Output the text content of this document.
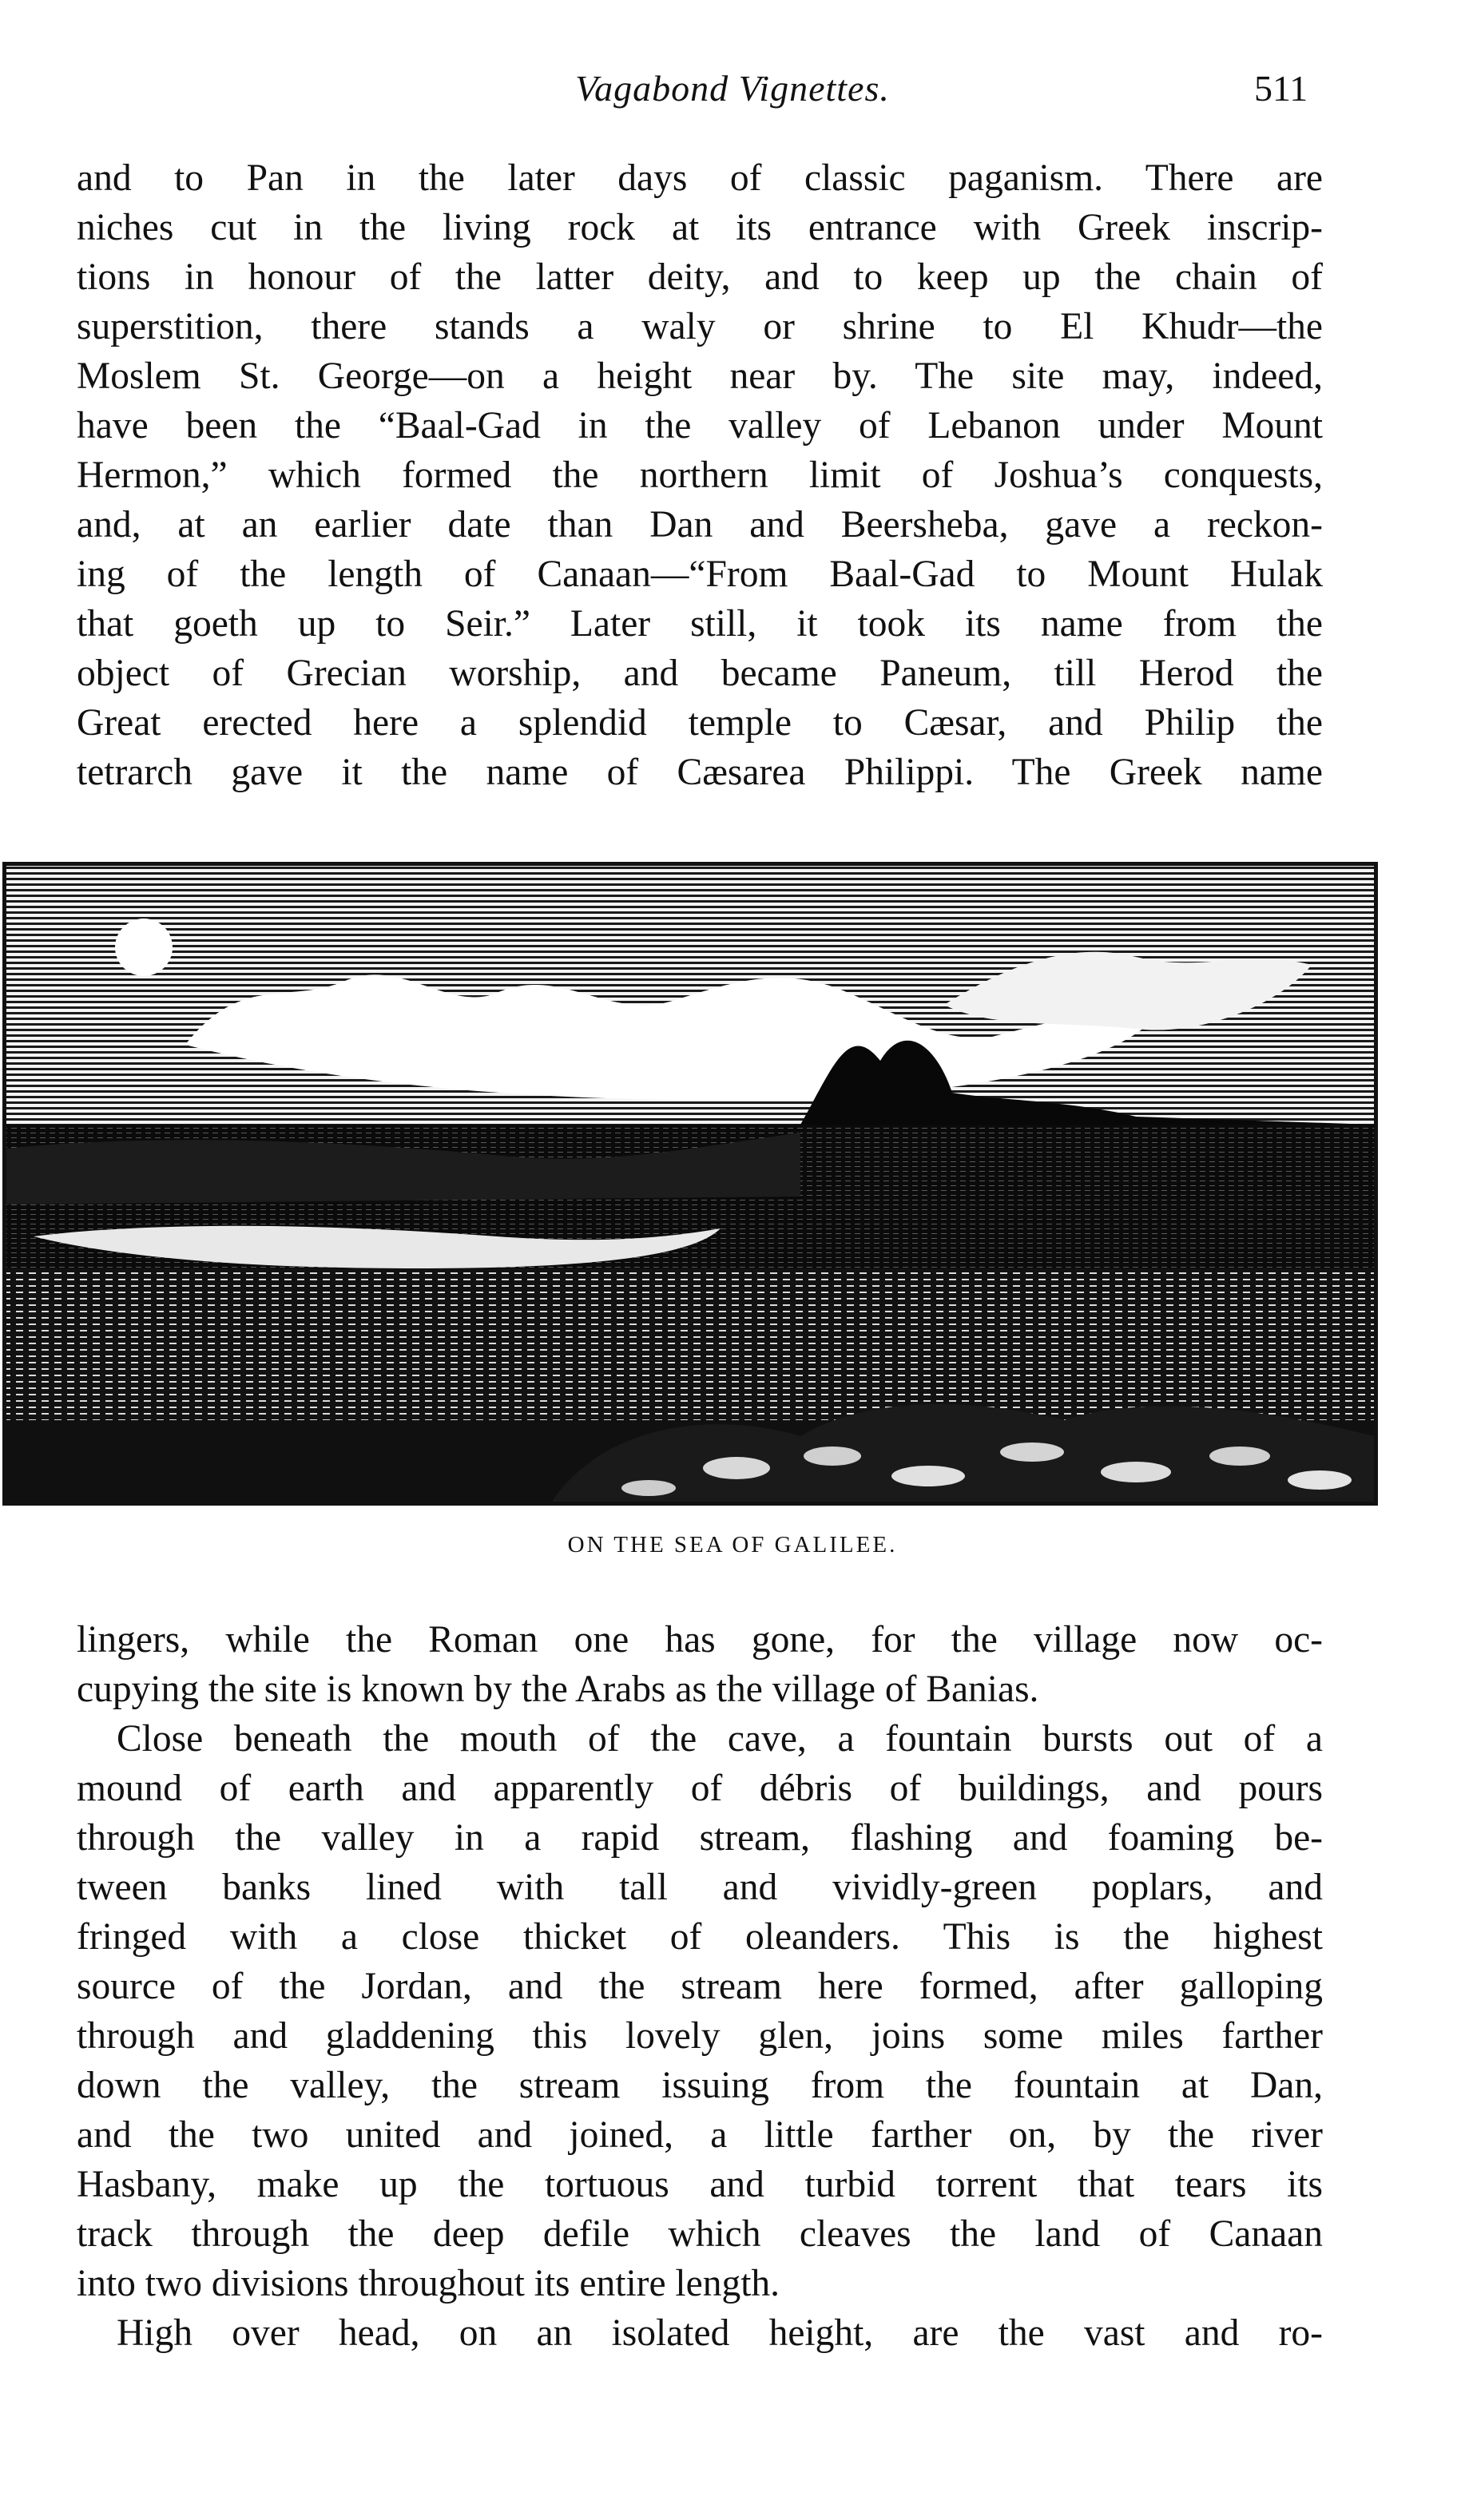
Vagabond Vignettes.	511
and to Pan in the later days of classic paganism. There are
niches cut in the living rock at its entrance with Greek inscrip-
tions in honour of the latter deity, and to keep up the chain of
superstition, there stands a waly or shrine to El Khudr—the
Moslem St. George—on a height near by. The site may, indeed,
have been the “Baal-Gad in the valley of Lebanon under Mount
Hermon,” which formed the northern limit of Joshua’s conquests,
and, at an earlier date than Dan and Beersheba, gave a reckon-
ing of the length of Canaan—“From Baal-Gad to Mount Hulak
that goeth up to Seir.” Later still, it took its name from the
object of Grecian worship, and became Paneum, till Herod the
Great erected here a splendid temple to Cæsar, and Philip the
tetrarch gave it the name of Cæsarea Philippi. The Greek name
ON THE SEA OF GALILEE.
lingers, while the Roman one has gone, for the village now oc-
cupying the site is known by the Arabs as the village of Banias.
Close beneath the mouth of the cave, a fountain bursts out of a
mound of earth and apparently of débris of buildings, and pours
through the valley in a rapid stream, flashing and foaming be-
tween banks lined with tall and vividly-green poplars, and
fringed with a close thicket of oleanders. This is the highest
source of the Jordan, and the stream here formed, after galloping
through and gladdening this lovely glen, joins some miles farther
down the valley, the stream issuing from the fountain at Dan,
and the two united and joined, a little farther on, by the river
Hasbany, make up the tortuous and turbid torrent that tears its
track through the deep defile which cleaves the land of Canaan
into two divisions throughout its entire length.
High over head, on an isolated height, are the vast and ro-
